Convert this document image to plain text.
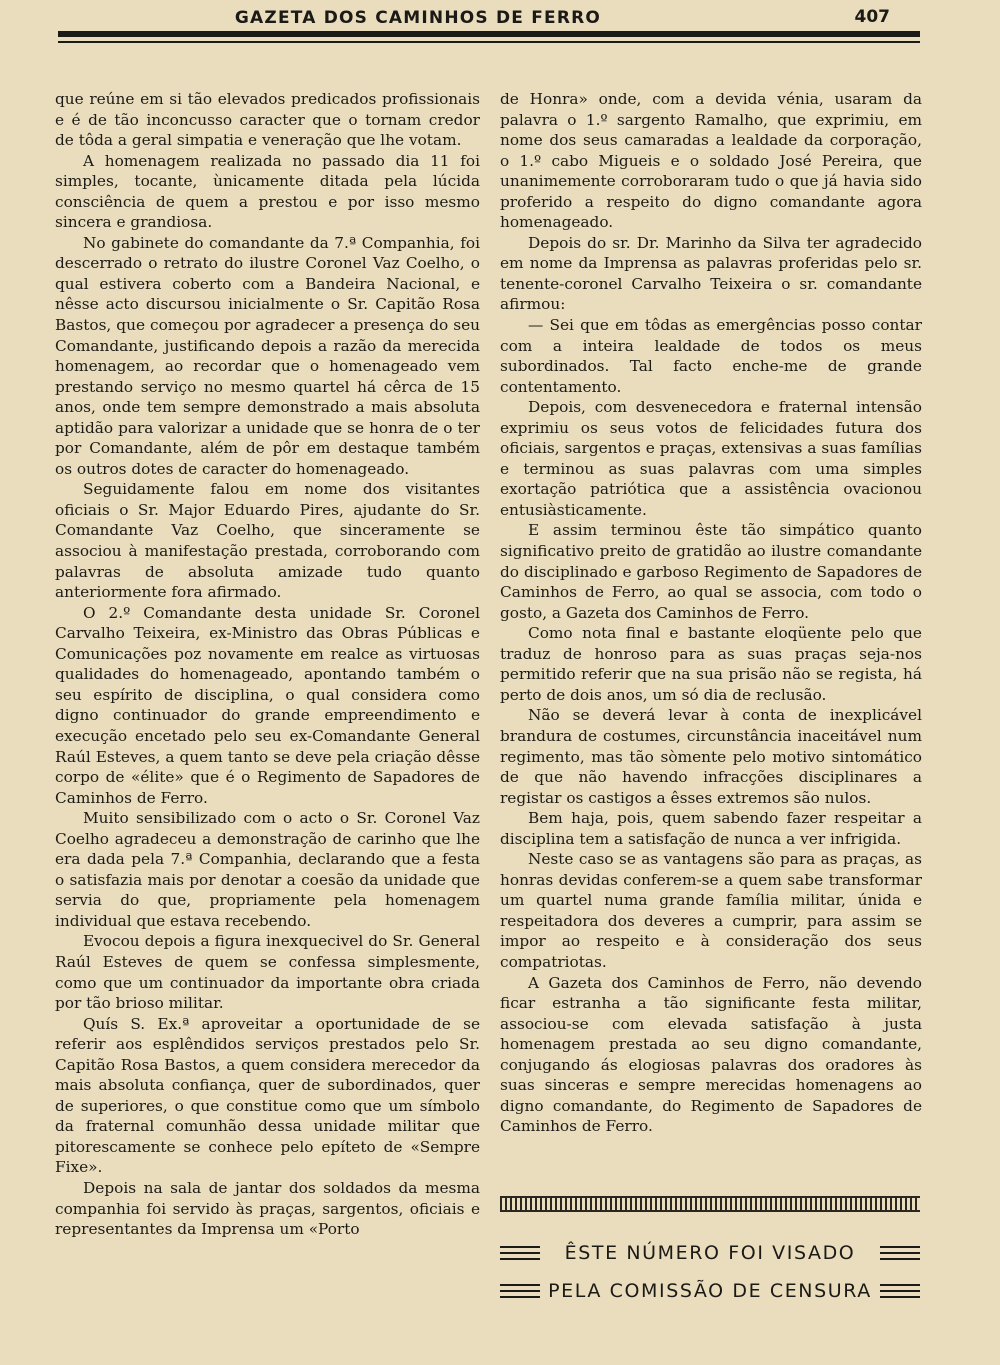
GAZETA DOS CAMINHOS DE FERRO	407

que reúne em si tão elevados predicados profissionais e é de tão inconcusso caracter que o tornam credor de tôda a geral simpatia e veneração que lhe votam.

A homenagem realizada no passado dia 11 foi simples, tocante, ùnicamente ditada pela lúcida consciência de quem a prestou e por isso mesmo sincera e grandiosa.

No gabinete do comandante da 7.ª Companhia, foi descerrado o retrato do ilustre Coronel Vaz Coelho, o qual estivera coberto com a Bandeira Nacional, e nêsse acto discursou inicialmente o Sr. Capitão Rosa Bastos, que começou por agradecer a presença do seu Comandante, justificando depois a razão da merecida homenagem, ao recordar que o homenageado vem prestando serviço no mesmo quartel há cêrca de 15 anos, onde tem sempre demonstrado a mais absoluta aptidão para valorizar a unidade que se honra de o ter por Comandante, além de pôr em destaque também os outros dotes de caracter do homenageado.

Seguidamente falou em nome dos visitantes oficiais o Sr. Major Eduardo Pires, ajudante do Sr. Comandante Vaz Coelho, que sinceramente se associou à manifestação prestada, corroborando com palavras de absoluta amizade tudo quanto anteriormente fora afirmado.

O 2.º Comandante desta unidade Sr. Coronel Carvalho Teixeira, ex-Ministro das Obras Públicas e Comunicações poz novamente em realce as virtuosas qualidades do homenageado, apontando também o seu espírito de disciplina, o qual considera como digno continuador do grande empreendimento e execução encetado pelo seu ex-Comandante General Raúl Esteves, a quem tanto se deve pela criação dêsse corpo de «élite» que é o Regimento de Sapadores de Caminhos de Ferro.

Muito sensibilizado com o acto o Sr. Coronel Vaz Coelho agradeceu a demonstração de carinho que lhe era dada pela 7.ª Companhia, declarando que a festa o satisfazia mais por denotar a coesão da unidade que servia do que, propriamente pela homenagem individual que estava recebendo.

Evocou depois a figura inexquecivel do Sr. General Raúl Esteves de quem se confessa simplesmente, como que um continuador da importante obra criada por tão brioso militar.

Quís S. Ex.ª aproveitar a oportunidade de se referir aos esplêndidos serviços prestados pelo Sr. Capitão Rosa Bastos, a quem considera merecedor da mais absoluta confiança, quer de subordinados, quer de superiores, o que constitue como que um símbolo da fraternal comunhão dessa unidade militar que pitorescamente se conhece pelo epíteto de «Sempre Fixe».

Depois na sala de jantar dos soldados da mesma companhia foi servido às praças, sargentos, oficiais e representantes da Imprensa um «Porto

de Honra» onde, com a devida vénia, usaram da palavra o 1.º sargento Ramalho, que exprimiu, em nome dos seus camaradas a lealdade da corporação, o 1.º cabo Migueis e o soldado José Pereira, que unanimemente corroboraram tudo o que já havia sido proferido a respeito do digno comandante agora homenageado.

Depois do sr. Dr. Marinho da Silva ter agradecido em nome da Imprensa as palavras proferidas pelo sr. tenente-coronel Carvalho Teixeira o sr. comandante afirmou:

— Sei que em tôdas as emergências posso contar com a inteira lealdade de todos os meus subordinados. Tal facto enche-me de grande contentamento.

Depois, com desvenecedora e fraternal intensão exprimiu os seus votos de felicidades futura dos oficiais, sargentos e praças, extensivas a suas famílias e terminou as suas palavras com uma simples exortação patriótica que a assistência ovacionou entusiàsticamente.

E assim terminou êste tão simpático quanto significativo preito de gratidão ao ilustre comandante do disciplinado e garboso Regimento de Sapadores de Caminhos de Ferro, ao qual se associa, com todo o gosto, a Gazeta dos Caminhos de Ferro.

Como nota final e bastante eloqüente pelo que traduz de honroso para as suas praças seja-nos permitido referir que na sua prisão não se regista, há perto de dois anos, um só dia de reclusão.

Não se deverá levar à conta de inexplicável brandura de costumes, circunstância inaceitável num regimento, mas tão sòmente pelo motivo sintomático de que não havendo infracções disciplinares a registar os castigos a êsses extremos são nulos.

Bem haja, pois, quem sabendo fazer respeitar a disciplina tem a satisfação de nunca a ver infrigida.

Neste caso se as vantagens são para as praças, as honras devidas conferem-se a quem sabe transformar um quartel numa grande família militar, únida e respeitadora dos deveres a cumprir, para assim se impor ao respeito e à consideração dos seus compatriotas.

A Gazeta dos Caminhos de Ferro, não devendo ficar estranha a tão significante festa militar, associou-se com elevada satisfação à justa homenagem prestada ao seu digno comandante, conjugando ás elogiosas palavras dos oradores às suas sinceras e sempre merecidas homenagens ao digno comandante, do Regimento de Sapadores de Caminhos de Ferro.

ÊSTE NÚMERO FOI VISADO
PELA COMISSÃO DE CENSURA
